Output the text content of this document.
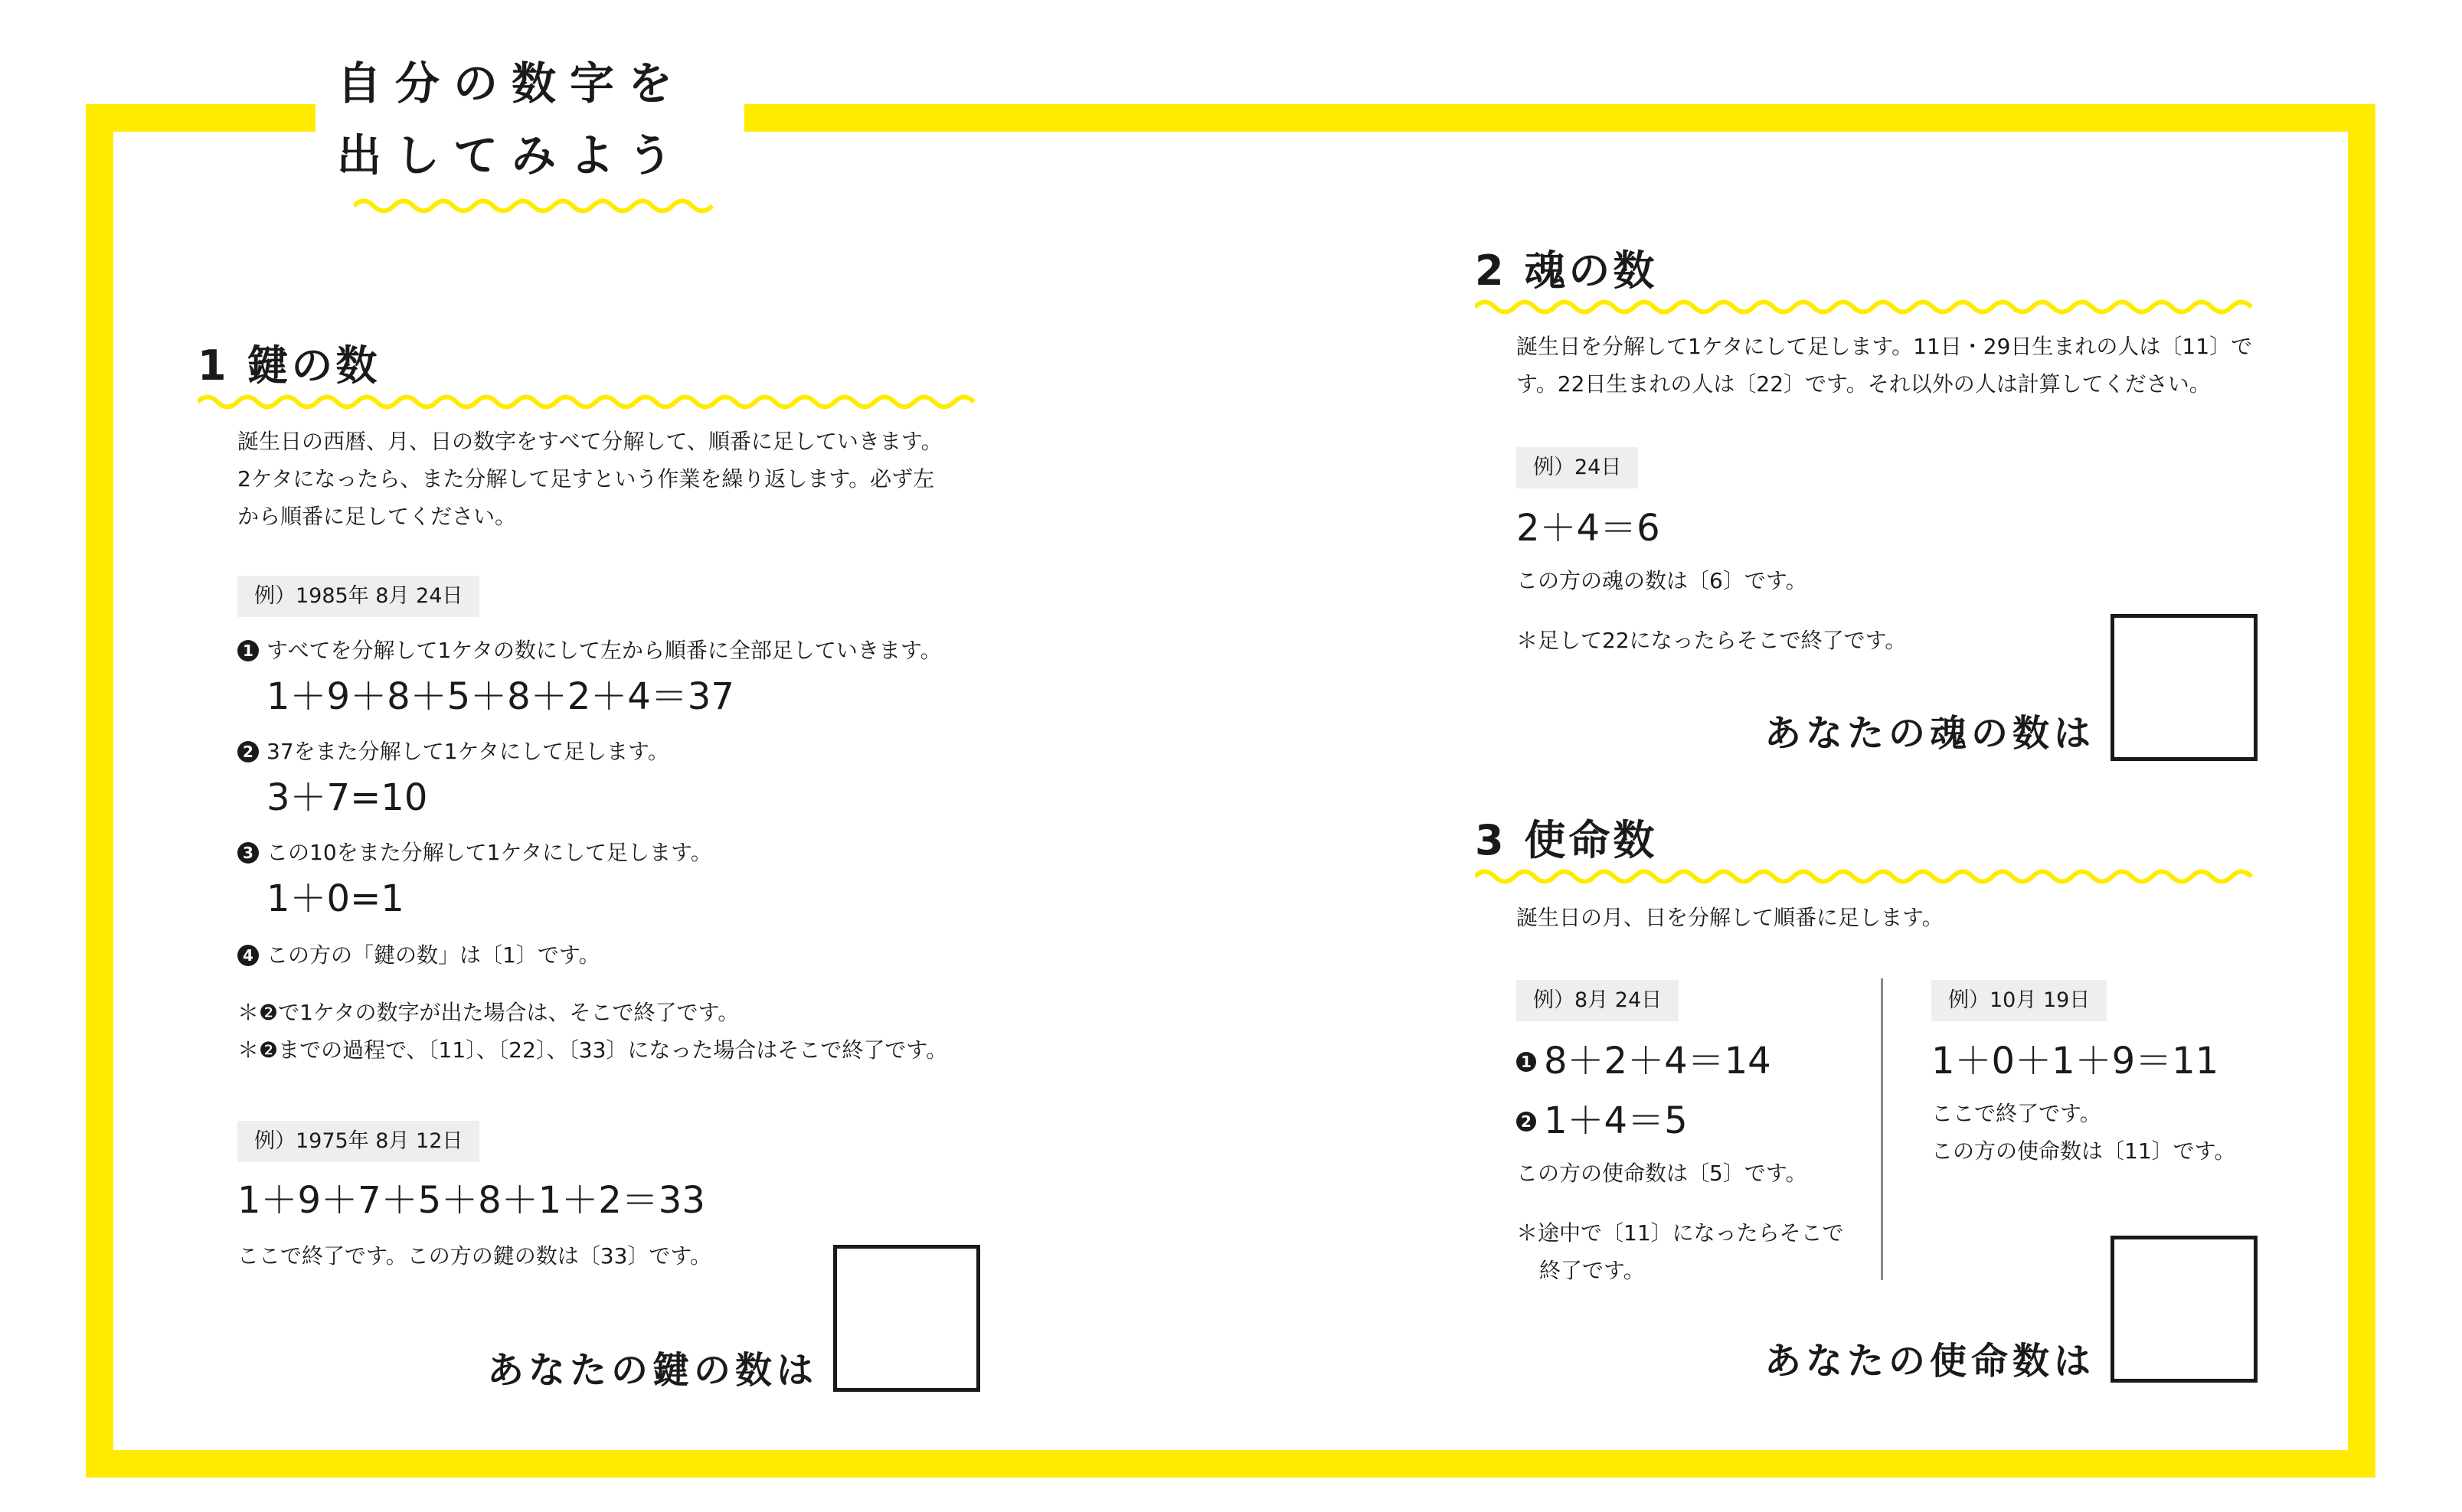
自分の数字を
出してみよう
1 鍵の数
誕生日の西暦、月、日の数字をすべて分解して、順番に足していきます。
2ケタになったら、また分解して足すという作業を繰り返します。必ず左
から順番に足してください。
例）1985年 8月 24日
1 すべてを分解して1ケタの数にして左から順番に全部足していきます。
1＋9＋8＋5＋8＋2＋4＝37
2 37をまた分解して1ケタにして足します。
3＋7=10
3 この10をまた分解して1ケタにして足します。
1＋0=1
4 この方の「鍵の数」は〔1〕です。
＊❷で1ケタの数字が出た場合は、そこで終了です。
＊❷までの過程で、〔11〕、〔22〕、〔33〕になった場合はそこで終了です。
例）1975年 8月 12日
1＋9＋7＋5＋8＋1＋2＝33
ここで終了です。この方の鍵の数は〔33〕です。
あなたの鍵の数は
2 魂の数
誕生日を分解して1ケタにして足します。11日・29日生まれの人は〔11〕で
す。22日生まれの人は〔22〕です。それ以外の人は計算してください。
例）24日
2＋4＝6
この方の魂の数は〔6〕です。
＊足して22になったらそこで終了です。
あなたの魂の数は
3 使命数
誕生日の月、日を分解して順番に足します。
例）8月 24日
1 8＋2＋4＝14
2 1＋4＝5
この方の使命数は〔5〕です。
＊途中で〔11〕になったらそこで
終了です。
例）10月 19日
1＋0＋1＋9＝11
ここで終了です。
この方の使命数は〔11〕です。
あなたの使命数は
